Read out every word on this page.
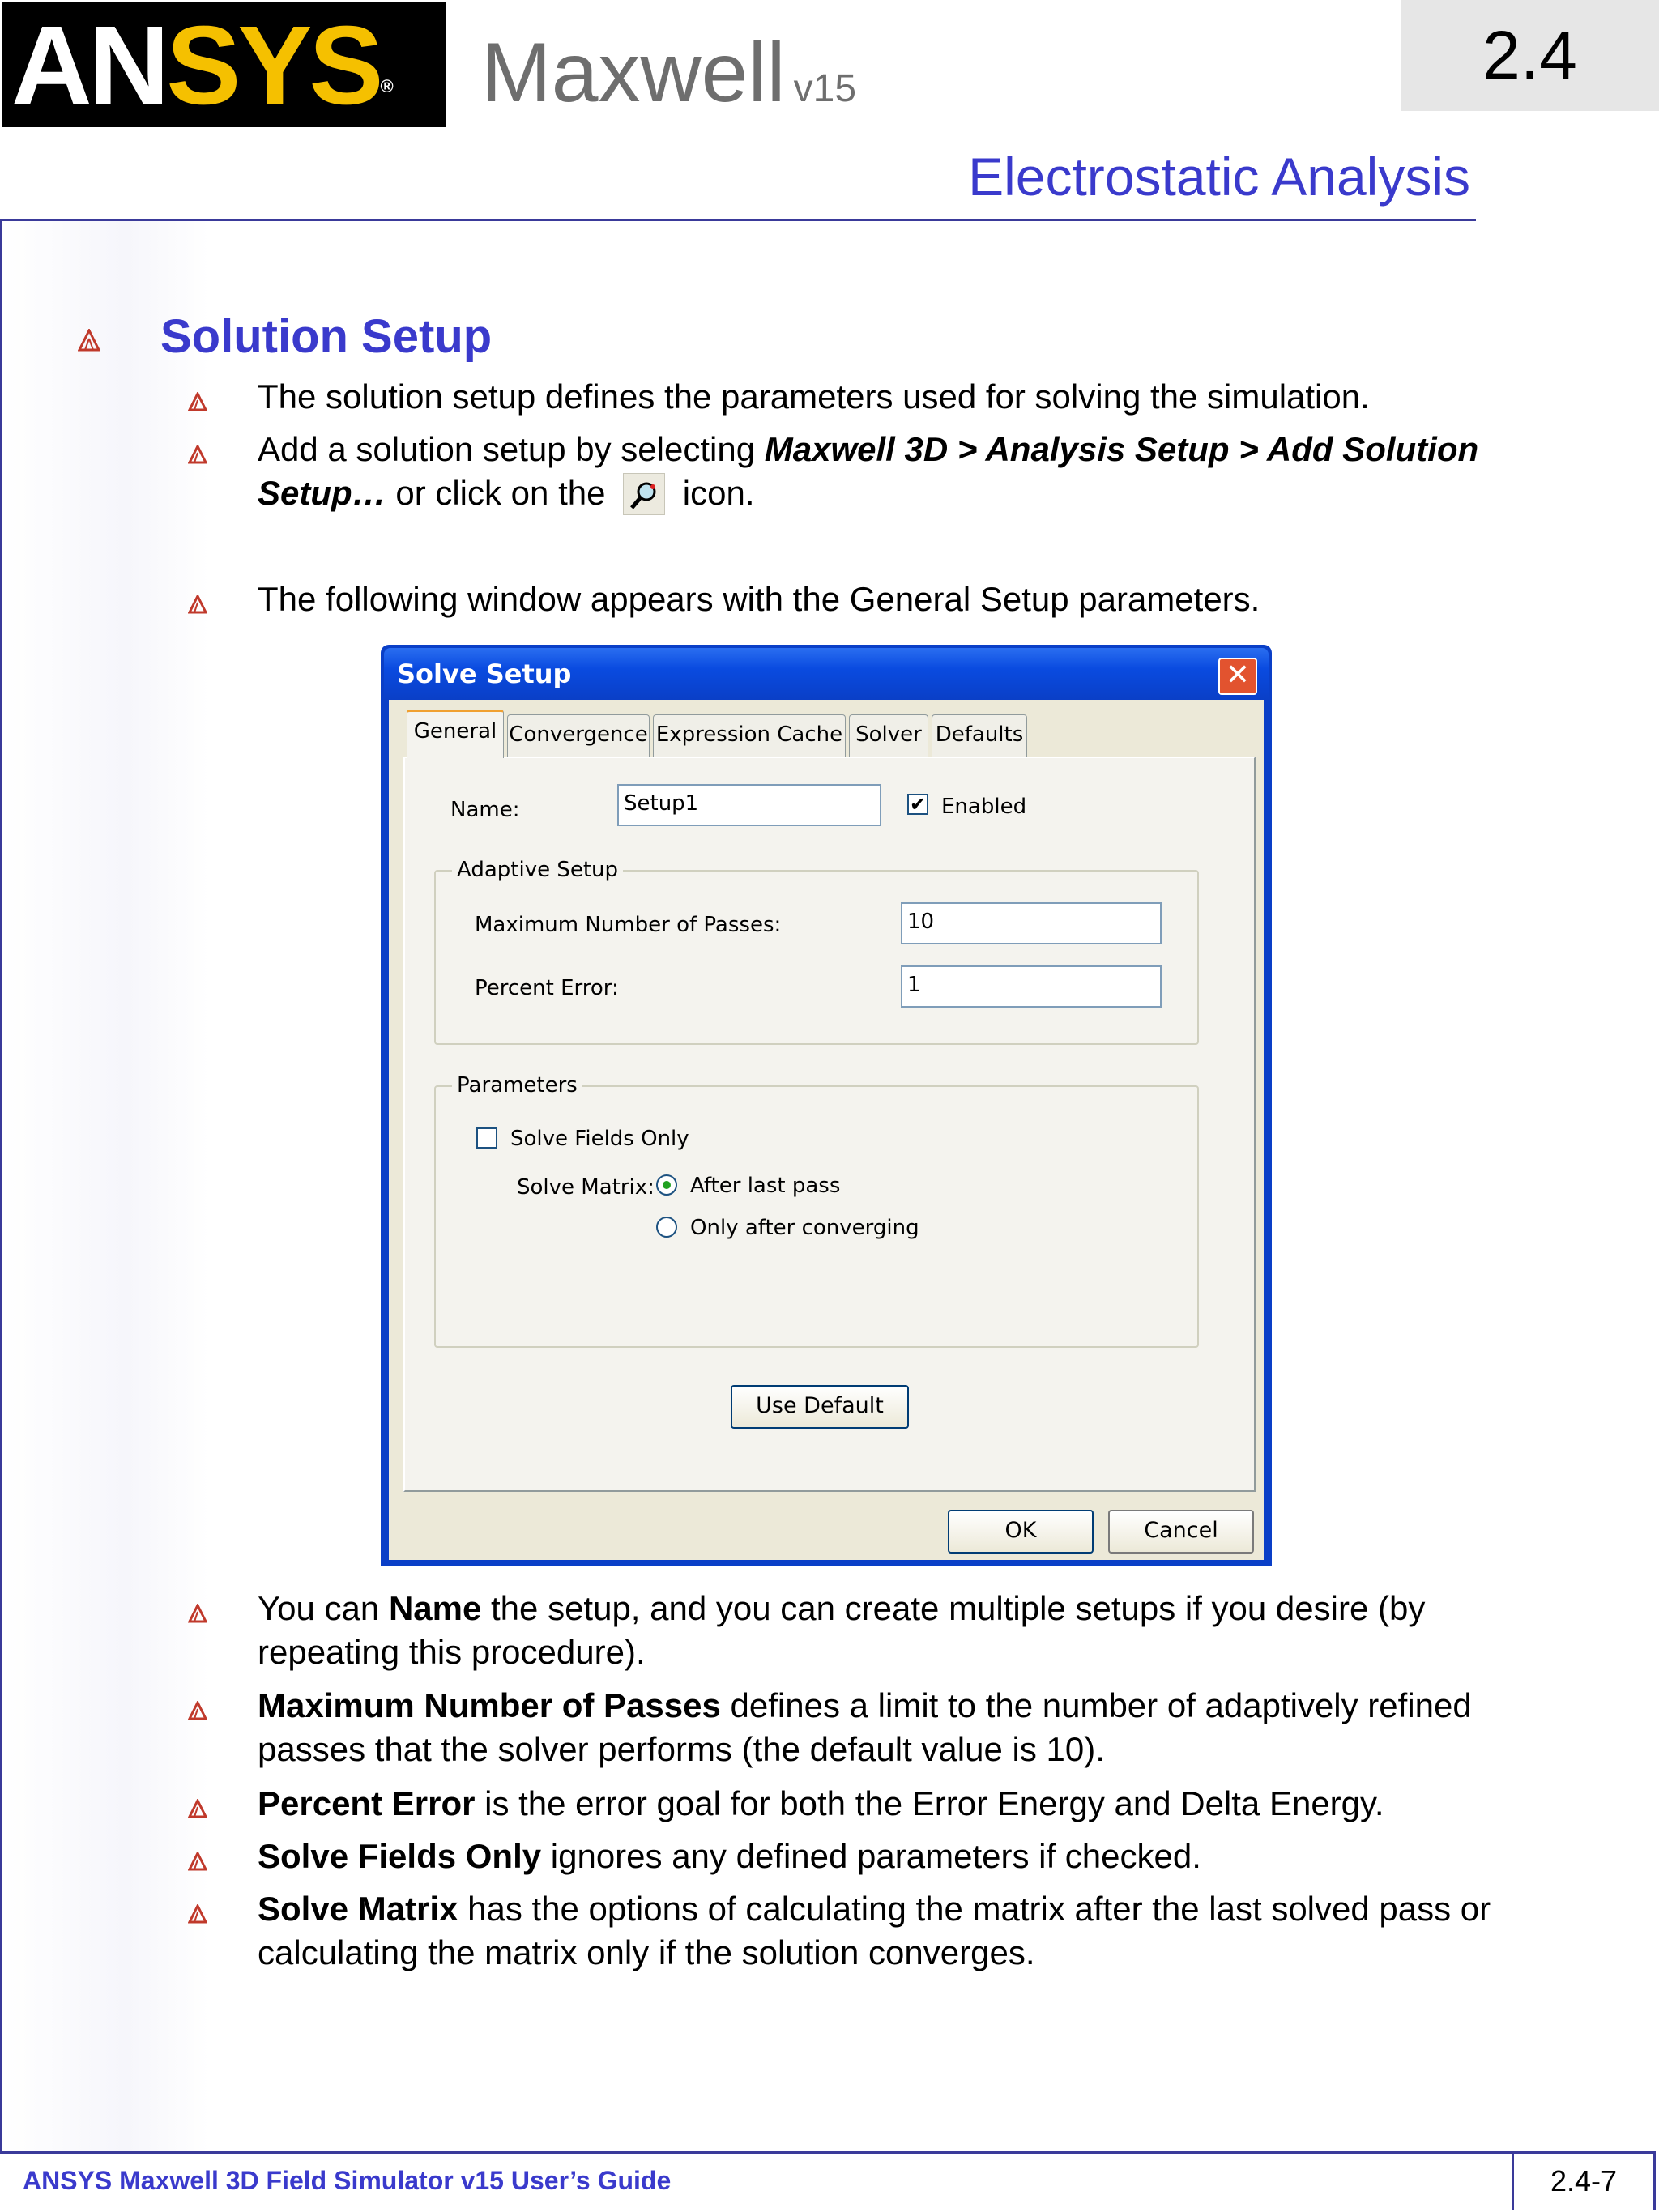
ANSYS® Maxwell v15	2.4
Electrostatic Analysis
Solution Setup
The solution setup defines the parameters used for solving the simulation.
Add a solution setup by selecting Maxwell 3D > Analysis Setup > Add Solution Setup… or click on the  icon.
The following window appears with the General Setup parameters.
Solve Setup	✕
General Convergence Expression Cache Solver Defaults
Name:	Setup1	✔ Enabled
Adaptive Setup
Maximum Number of Passes:	10
Percent Error:	1
Parameters
Solve Fields Only
Solve Matrix: After last pass
Only after converging
Use Default
OK	Cancel
You can Name the setup, and you can create multiple setups if you desire (by repeating this procedure).
Maximum Number of Passes defines a limit to the number of adaptively refined passes that the solver performs (the default value is 10).
Percent Error is the error goal for both the Error Energy and Delta Energy.
Solve Fields Only ignores any defined parameters if checked.
Solve Matrix has the options of calculating the matrix after the last solved pass or calculating the matrix only if the solution converges.
ANSYS Maxwell 3D Field Simulator v15 User’s Guide	2.4-7
